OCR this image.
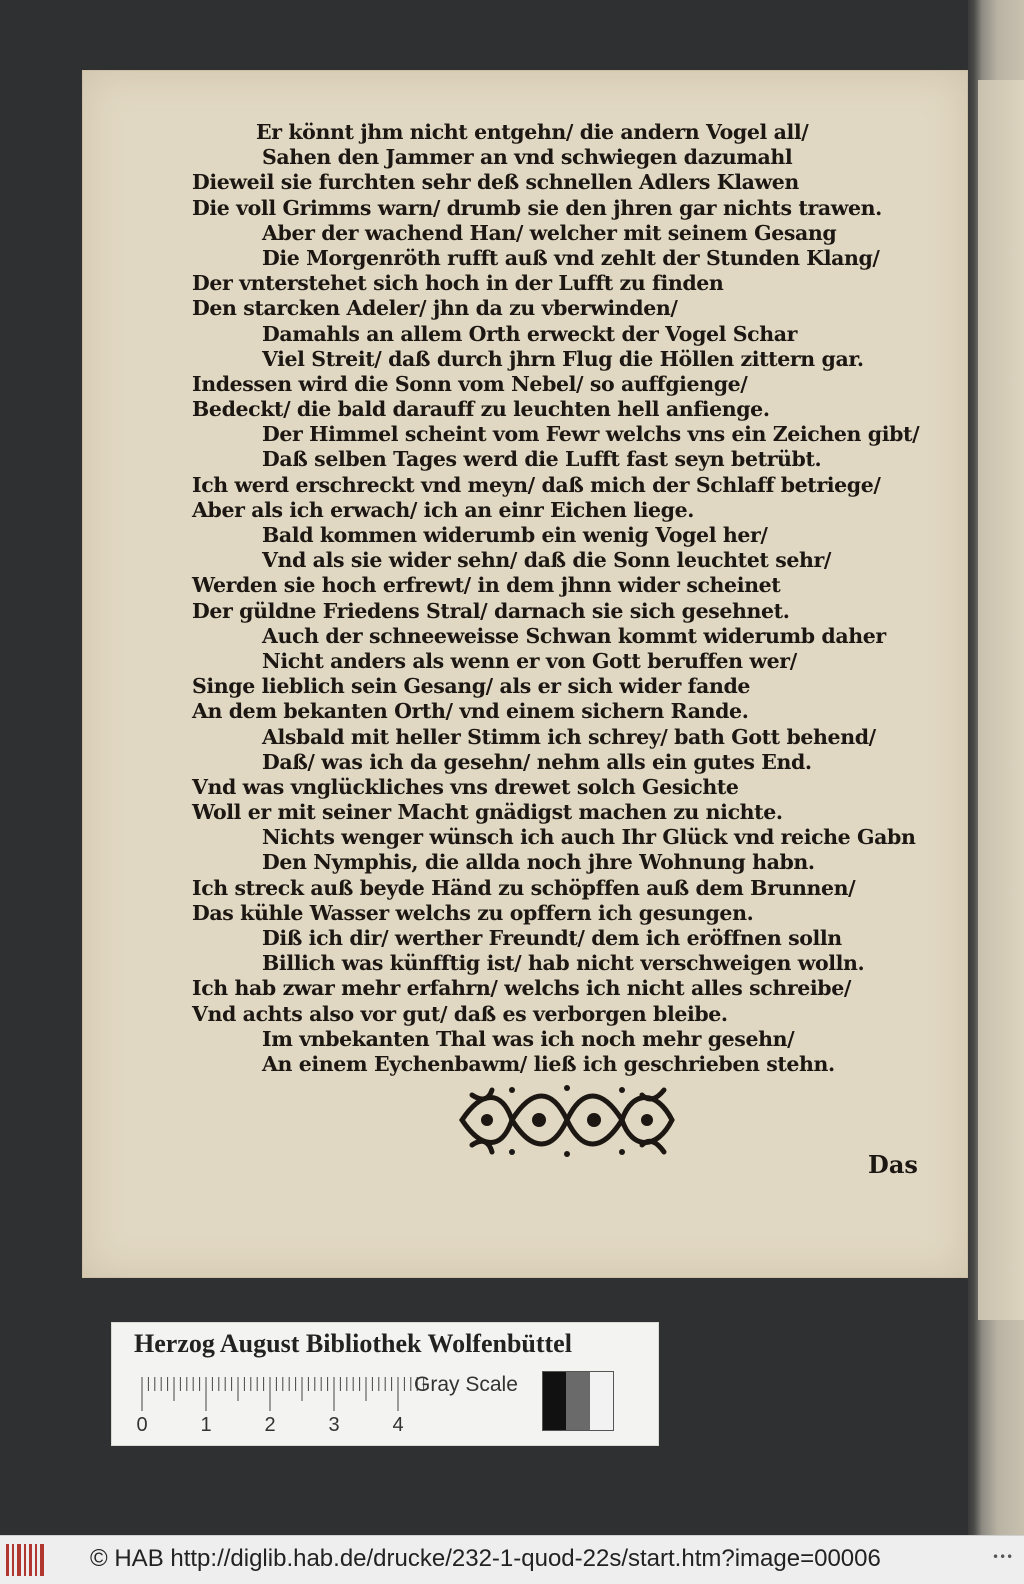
Er könnt jhm nicht entgehn/ die andern Vogel all/
Sahen den Jammer an vnd schwiegen dazumahl
Dieweil sie furchten sehr deß schnellen Adlers Klawen
Die voll Grimms warn/ drumb sie den jhren gar nichts trawen.
Aber der wachend Han/ welcher mit seinem Gesang
Die Morgenröth rufft auß vnd zehlt der Stunden Klang/
Der vnterstehet sich hoch in der Lufft zu finden
Den starcken Adeler/ jhn da zu vberwinden/
Damahls an allem Orth erweckt der Vogel Schar
Viel Streit/ daß durch jhrn Flug die Höllen zittern gar.
Indessen wird die Sonn vom Nebel/ so auffgienge/
Bedeckt/ die bald darauff zu leuchten hell anfienge.
Der Himmel scheint vom Fewr welchs vns ein Zeichen gibt/
Daß selben Tages werd die Lufft fast seyn betrübt.
Ich werd erschreckt vnd meyn/ daß mich der Schlaff betriege/
Aber als ich erwach/ ich an einr Eichen liege.
Bald kommen widerumb ein wenig Vogel her/
Vnd als sie wider sehn/ daß die Sonn leuchtet sehr/
Werden sie hoch erfrewt/ in dem jhnn wider scheinet
Der güldne Friedens Stral/ darnach sie sich gesehnet.
Auch der schneeweisse Schwan kommt widerumb daher
Nicht anders als wenn er von Gott beruffen wer/
Singe lieblich sein Gesang/ als er sich wider fande
An dem bekanten Orth/ vnd einem sichern Rande.
Alsbald mit heller Stimm ich schrey/ bath Gott behend/
Daß/ was ich da gesehn/ nehm alls ein gutes End.
Vnd was vnglückliches vns drewet solch Gesichte
Woll er mit seiner Macht gnädigst machen zu nichte.
Nichts wenger wünsch ich auch Ihr Glück vnd reiche Gabn
Den Nymphis, die allda noch jhre Wohnung habn.
Ich streck auß beyde Händ zu schöpffen auß dem Brunnen/
Das kühle Wasser welchs zu opffern ich gesungen.
Diß ich dir/ werther Freundt/ dem ich eröffnen solln
Billich was künfftig ist/ hab nicht verschweigen wolln.
Ich hab zwar mehr erfahrn/ welchs ich nicht alles schreibe/
Vnd achts also vor gut/ daß es verborgen bleibe.
Im vnbekanten Thal was ich noch mehr gesehn/
An einem Eychenbawm/ ließ ich geschrieben stehn.
Das
Herzog August Bibliothek Wolfenbüttel
0	1	2	3	4
Gray Scale
© HAB http://diglib.hab.de/drucke/232-1-quod-22s/start.htm?image=00006	•••
